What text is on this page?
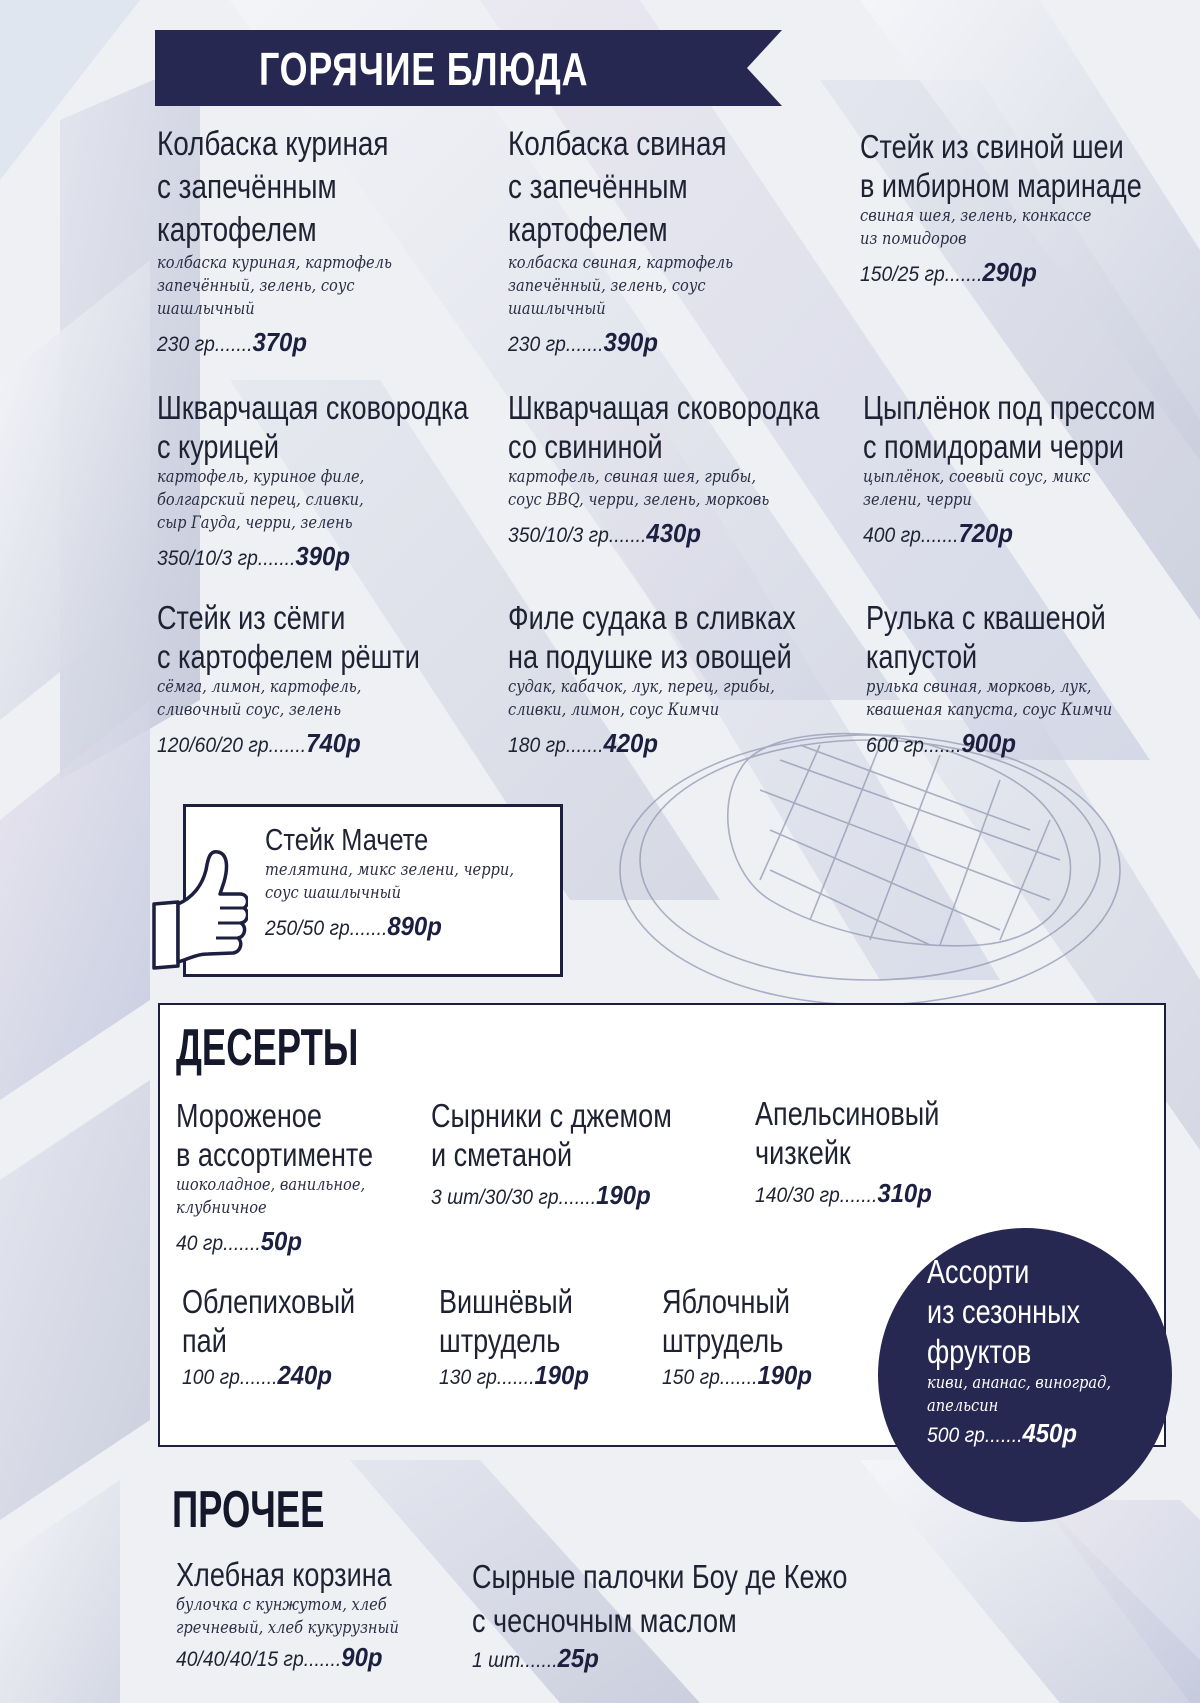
ГОРЯЧИЕ БЛЮДА
Колбаска куриная
с запечённым
картофелем
колбаска куриная, картофель
запечённый, зелень, соус
шашлычный
230 гр.......370р
Колбаска свиная
с запечённым
картофелем
колбаска свиная, картофель
запечённый, зелень, соус
шашлычный
230 гр.......390р
Стейк из свиной шеи
в имбирном маринаде
свиная шея, зелень, конкассе
из помидоров
150/25 гр.......290р
Шкварчащая сковородка
с курицей
картофель, куриное филе,
болгарский перец, сливки,
сыр Гауда, черри, зелень
350/10/3 гр.......390р
Шкварчащая сковородка
со свининой
картофель, свиная шея, грибы,
соус BBQ, черри, зелень, морковь
350/10/3 гр.......430р
Цыплёнок под прессом
с помидорами черри
цыплёнок, соевый соус, микс
зелени, черри
400 гр.......720р
Стейк из сёмги
с картофелем рёшти
сёмга, лимон, картофель,
сливочный соус, зелень
120/60/20 гр.......740р
Филе судака в сливках
на подушке из овощей
судак, кабачок, лук, перец, грибы,
сливки, лимон, соус Кимчи
180 гр.......420р
Рулька с квашеной
капустой
рулька свиная, морковь, лук,
квашеная капуста, соус Кимчи
600 гр.......900р
Стейк Мачете
телятина, микс зелени, черри,
соус шашлычный
250/50 гр.......890р
ДЕСЕРТЫ
Мороженое
в ассортименте
шоколадное, ванильное,
клубничное
40 гр.......50р
Сырники с джемом
и сметаной
3 шт/30/30 гр.......190р
Апельсиновый
чизкейк
140/30 гр.......310р
Облепиховый
пай
100 гр.......240р
Вишнёвый
штрудель
130 гр.......190р
Яблочный
штрудель
150 гр.......190р
Ассорти
из сезонных
фруктов
киви, ананас, виноград,
апельсин
500 гр.......450р
ПРОЧЕЕ
Хлебная корзина
булочка с кунжутом, хлеб
гречневый, хлеб кукурузный
40/40/40/15 гр.......90р
Сырные палочки Боу де Кежо
с чесночным маслом
1 шт.......25р
